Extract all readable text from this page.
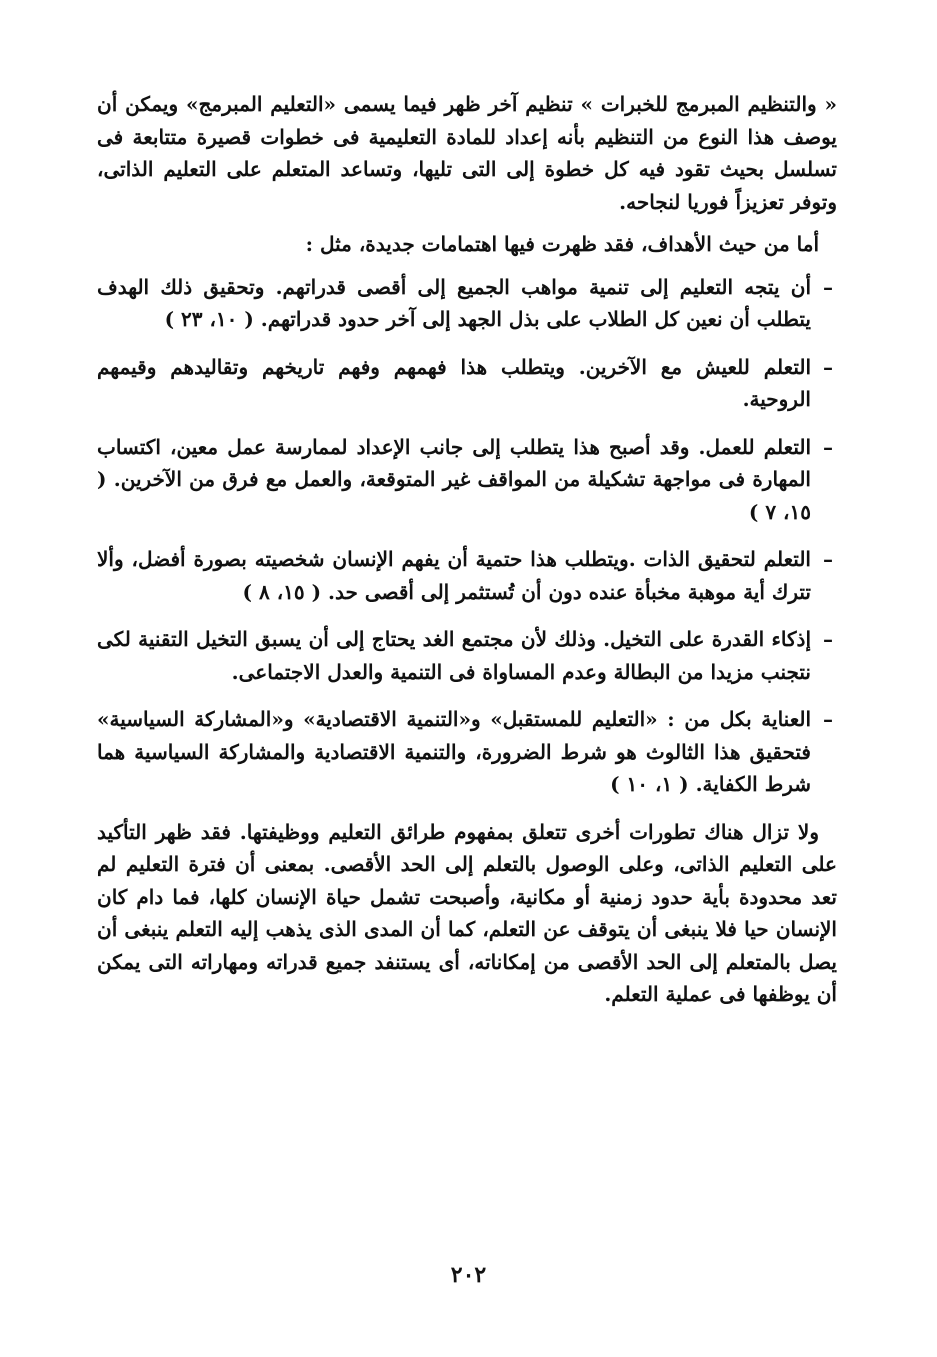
« والتنظيم المبرمج للخبرات » تنظيم آخر ظهر فيما يسمى «التعليم المبرمج» ويمكن أن يوصف هذا النوع من التنظيم بأنه إعداد للمادة التعليمية فى خطوات قصيرة متتابعة فى تسلسل بحيث تقود فيه كل خطوة إلى التى تليها، وتساعد المتعلم على التعليم الذاتى، وتوفر تعزيزاً فوريا لنجاحه.

أما من حيث الأهداف، فقد ظهرت فيها اهتمامات جديدة، مثل :

–
أن يتجه التعليم إلى تنمية مواهب الجميع إلى أقصى قدراتهم. وتحقيق ذلك الهدف يتطلب أن نعين كل الطلاب على بذل الجهد إلى آخر حدود قدراتهم. ( ١٠، ٢٣ )
–
التعلم للعيش مع الآخرين. ويتطلب هذا فهمهم وفهم تاريخهم وتقاليدهم وقيمهم الروحية.
–
التعلم للعمل. وقد أصبح هذا يتطلب إلى جانب الإعداد لممارسة عمل معين، اكتساب المهارة فى مواجهة تشكيلة من المواقف غير المتوقعة، والعمل مع فرق من الآخرين. ( ١٥، ٧ )
–
التعلم لتحقيق الذات .ويتطلب هذا حتمية أن يفهم الإنسان شخصيته بصورة أفضل، وألا تترك أية موهبة مخبأة عنده دون أن تُستثمر إلى أقصى حد. ( ١٥، ٨ )
–
إذكاء القدرة على التخيل. وذلك لأن مجتمع الغد يحتاج إلى أن يسبق التخيل التقنية لكى نتجنب مزيدا من البطالة وعدم المساواة فى التنمية والعدل الاجتماعى.
–
العناية بكل من : «التعليم للمستقبل» و«التنمية الاقتصادية» و«المشاركة السياسية» فتحقيق هذا الثالوث هو شرط الضرورة، والتنمية الاقتصادية والمشاركة السياسية هما شرط الكفاية. ( ١، ١٠ )

ولا تزال هناك تطورات أخرى تتعلق بمفهوم طرائق التعليم ووظيفتها. فقد ظهر التأكيد على التعليم الذاتى، وعلى الوصول بالتعلم إلى الحد الأقصى. بمعنى أن فترة التعليم لم تعد محدودة بأية حدود زمنية أو مكانية، وأصبحت تشمل حياة الإنسان كلها، فما دام كان الإنسان حيا فلا ينبغى أن يتوقف عن التعلم، كما أن المدى الذى يذهب إليه التعلم ينبغى أن يصل بالمتعلم إلى الحد الأقصى من إمكاناته، أى يستنفد جميع قدراته ومهاراته التى يمكن أن يوظفها فى عملية التعلم.

٢٠٢
